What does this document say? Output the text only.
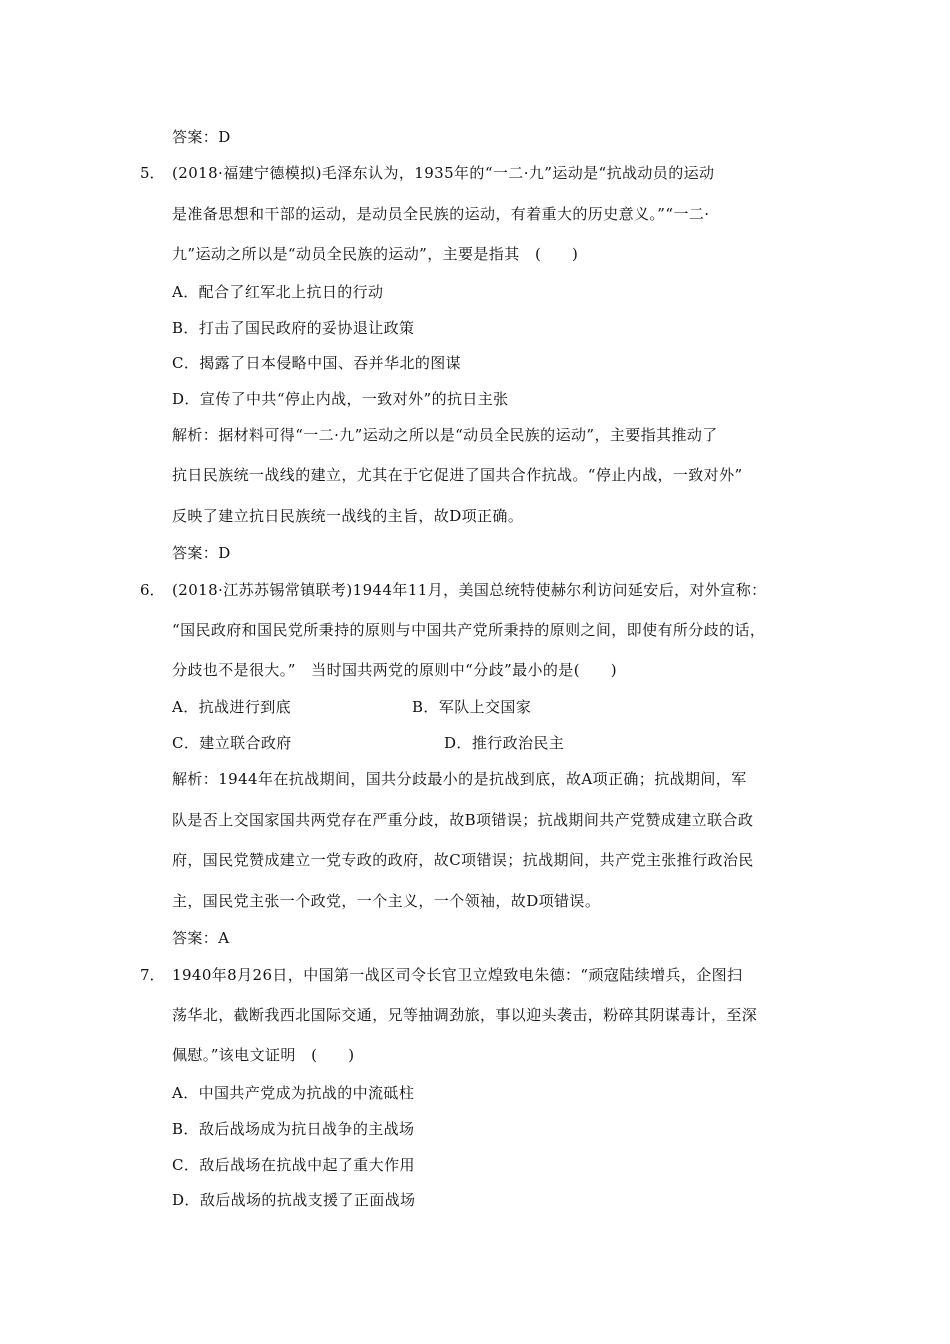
答案：D
5． (2018·福建宁德模拟)毛泽东认为，1935年的“一二·九”运动是“抗战动员的运动
是准备思想和干部的运动，是动员全民族的运动，有着重大的历史意义。”“一二·
九”运动之所以是“动员全民族的运动”，主要是指其　(　　)
A．配合了红军北上抗日的行动
B．打击了国民政府的妥协退让政策
C．揭露了日本侵略中国、吞并华北的图谋
D．宣传了中共“停止内战，一致对外”的抗日主张
解析：据材料可得“一二·九”运动之所以是“动员全民族的运动”，主要指其推动了
抗日民族统一战线的建立，尤其在于它促进了国共合作抗战。“停止内战，一致对外”
反映了建立抗日民族统一战线的主旨，故D项正确。
答案：D
6． (2018·江苏苏锡常镇联考)1944年11月，美国总统特使赫尔利访问延安后，对外宣称：
“国民政府和国民党所秉持的原则与中国共产党所秉持的原则之间，即使有所分歧的话，
分歧也不是很大。”　当时国共两党的原则中“分歧”最小的是(　　)
A．抗战进行到底	B．军队上交国家
C．建立联合政府	D．推行政治民主
解析：1944年在抗战期间，国共分歧最小的是抗战到底，故A项正确；抗战期间，军
队是否上交国家国共两党存在严重分歧，故B项错误；抗战期间共产党赞成建立联合政
府，国民党赞成建立一党专政的政府，故C项错误；抗战期间，共产党主张推行政治民
主，国民党主张一个政党，一个主义，一个领袖，故D项错误。
答案：A
7． 1940年8月26日，中国第一战区司令长官卫立煌致电朱德：“顽寇陆续增兵，企图扫
荡华北，截断我西北国际交通，兄等抽调劲旅，事以迎头袭击，粉碎其阴谋毒计，至深
佩慰。”该电文证明　(　　)
A．中国共产党成为抗战的中流砥柱
B．敌后战场成为抗日战争的主战场
C．敌后战场在抗战中起了重大作用
D．敌后战场的抗战支援了正面战场
